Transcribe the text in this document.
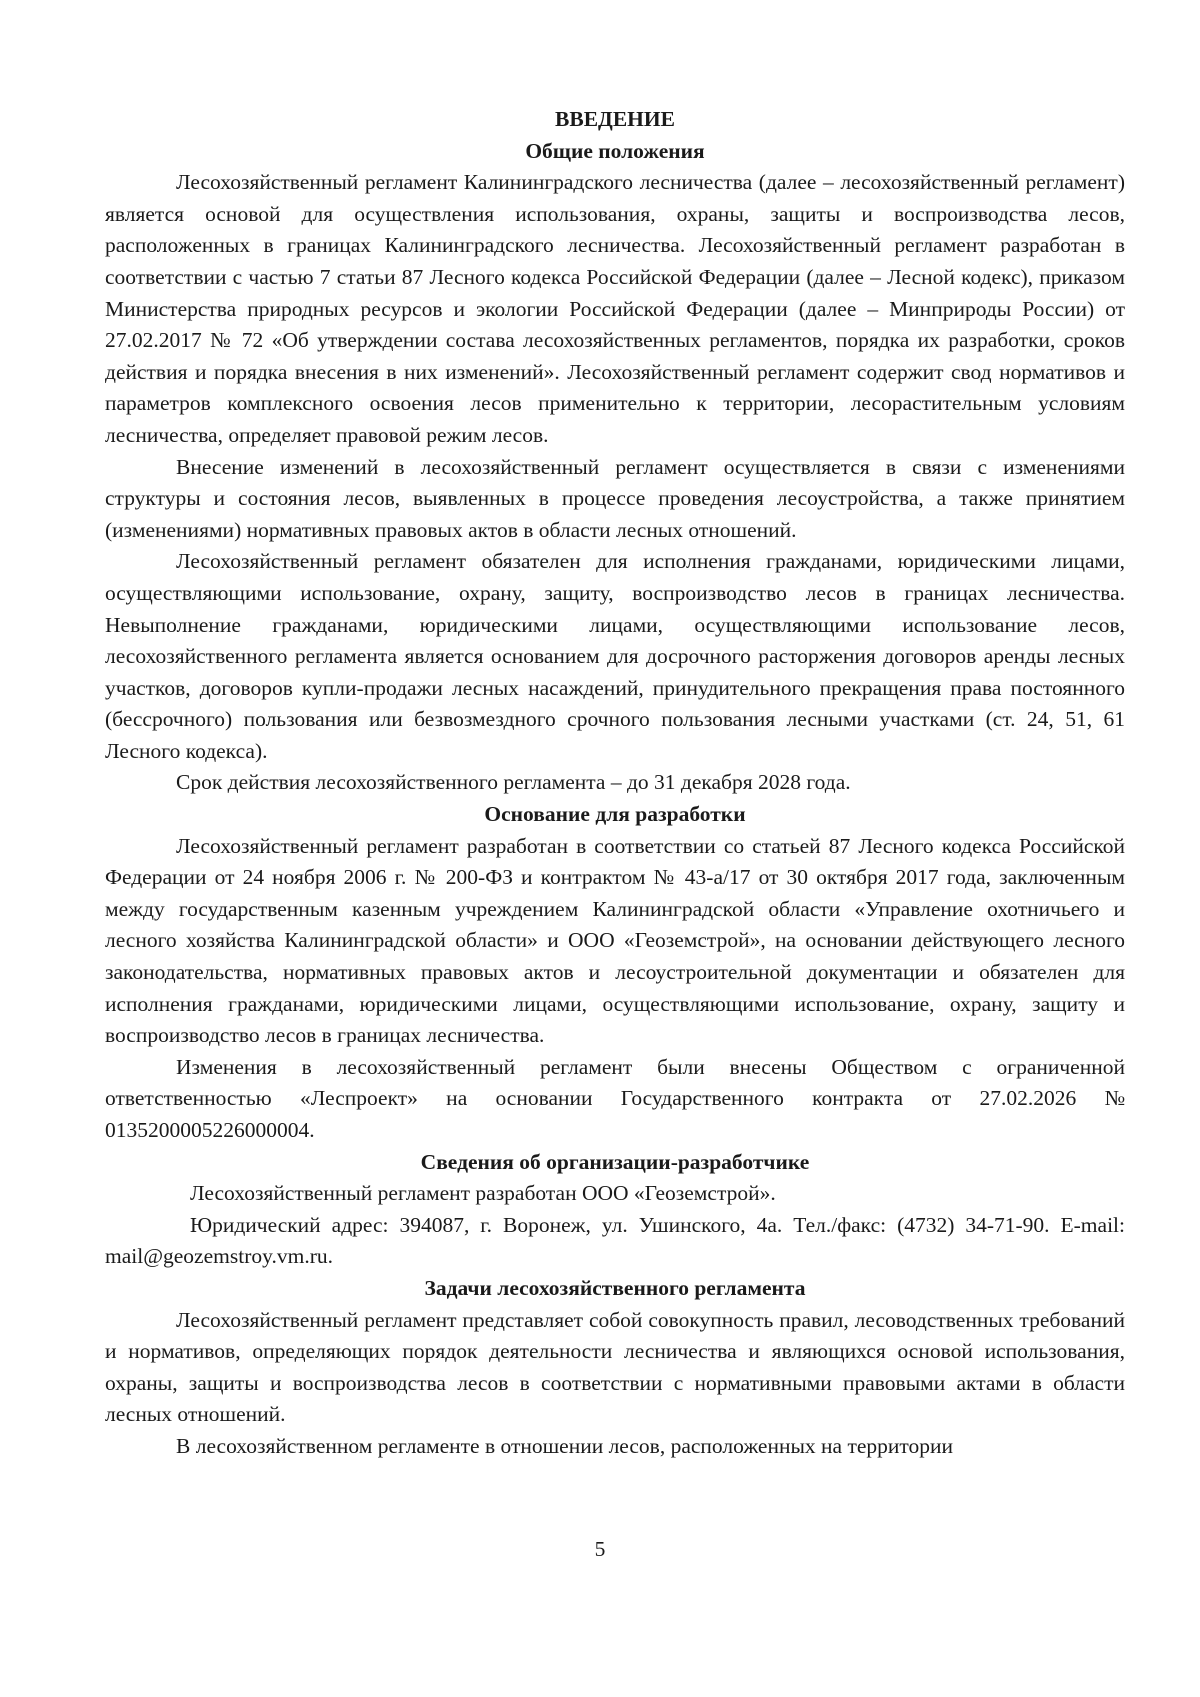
ВВЕДЕНИЕ
Общие положения

Лесохозяйственный регламент Калининградского лесничества (далее – лесохозяйственный регламент) является основой для осуществления использования, охраны, защиты и воспроизводства лесов, расположенных в границах Калининградского лесничества. Лесохозяйственный регламент разработан в соответствии с частью 7 статьи 87 Лесного кодекса Российской Федерации (далее – Лесной кодекс), приказом Министерства природных ресурсов и экологии Российской Федерации (далее – Минприроды России) от 27.02.2017 № 72 «Об утверждении состава лесохозяйственных регламентов, порядка их разработки, сроков действия и порядка внесения в них изменений». Лесохозяйственный регламент содержит свод нормативов и параметров комплексного освоения лесов применительно к территории, лесорастительным условиям лесничества, определяет правовой режим лесов.

Внесение изменений в лесохозяйственный регламент осуществляется в связи с изменениями структуры и состояния лесов, выявленных в процессе проведения лесоустройства, а также принятием (изменениями) нормативных правовых актов в области лесных отношений.

Лесохозяйственный регламент обязателен для исполнения гражданами, юридическими лицами, осуществляющими использование, охрану, защиту, воспроизводство лесов в границах лесничества. Невыполнение гражданами, юридическими лицами, осуществляющими использование лесов, лесохозяйственного регламента является основанием для досрочного расторжения договоров аренды лесных участков, договоров купли-продажи лесных насаждений, принудительного прекращения права постоянного (бессрочного) пользования или безвозмездного срочного пользования лесными участками (ст. 24, 51, 61 Лесного кодекса).

Срок действия лесохозяйственного регламента – до 31 декабря 2028 года.

Основание для разработки

Лесохозяйственный регламент разработан в соответствии со статьей 87 Лесного кодекса Российской Федерации от 24 ноября 2006 г. № 200-ФЗ и контрактом № 43-а/17 от 30 октября 2017 года, заключенным между государственным казенным учреждением Калининградской области «Управление охотничьего и лесного хозяйства Калининградской области» и ООО «Геоземстрой», на основании действующего лесного законодательства, нормативных правовых актов и лесоустроительной документации и обязателен для исполнения гражданами, юридическими лицами, осуществляющими использование, охрану, защиту и воспроизводство лесов в границах лесничества.

Изменения в лесохозяйственный регламент были внесены Обществом с ограниченной ответственностью «Леспроект» на основании Государственного контракта от 27.02.2026 № 0135200005226000004.

Сведения об организации-разработчике

Лесохозяйственный регламент разработан ООО «Геоземстрой».

Юридический адрес: 394087, г. Воронеж, ул. Ушинского, 4а. Тел./факс: (4732) 34-71-90. E-mail: mail@geozemstroy.vm.ru.

Задачи лесохозяйственного регламента

Лесохозяйственный регламент представляет собой совокупность правил, лесоводственных требований и нормативов, определяющих порядок деятельности лесничества и являющихся основой использования, охраны, защиты и воспроизводства лесов в соответствии с нормативными правовыми актами в области лесных отношений.

В лесохозяйственном регламенте в отношении лесов, расположенных на территории

5
